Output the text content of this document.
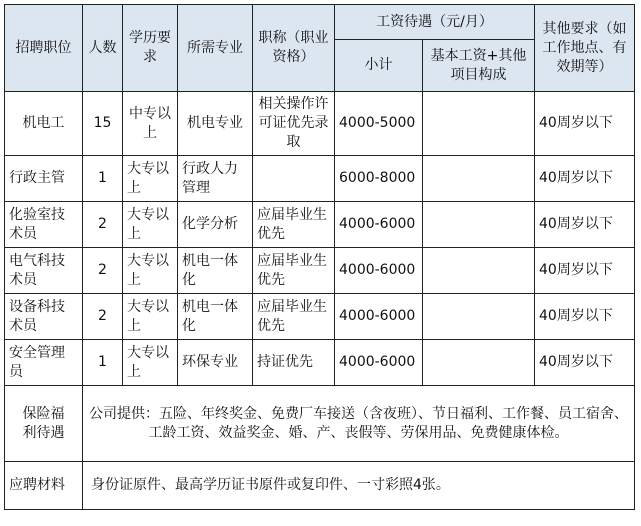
招聘职位	人数	学历要求	所需专业	职称（职业资格）	工资待遇（元/月）		其他要求（如工作地点、有效期等）
					小计	基本工资+其他项目构成	
机电工	15	中专以上	机电专业	相关操作许可证优先录取	4000-5000		40周岁以下
行政主管	1	大专以上	行政人力管理		6000-8000		40周岁以下
化验室技术员	2	大专以上	化学分析	应届毕业生优先	4000-6000		40周岁以下
电气科技术员	2	大专以上	机电一体化	应届毕业生优先	4000-6000		40周岁以下
设备科技术员	2	大专以上	机电一体化	应届毕业生优先	4000-6000		40周岁以下
安全管理员	1	大专以上	环保专业	持证优先	4000-6000		40周岁以下
保险福利待遇	公司提供：五险、年终奖金、免费厂车接送（含夜班）、节日福利、工作餐、员工宿舍、工龄工资、效益奖金、婚、产、丧假等、劳保用品、免费健康体检。						
应聘材料	身份证原件、最高学历证书原件或复印件、一寸彩照4张。						
